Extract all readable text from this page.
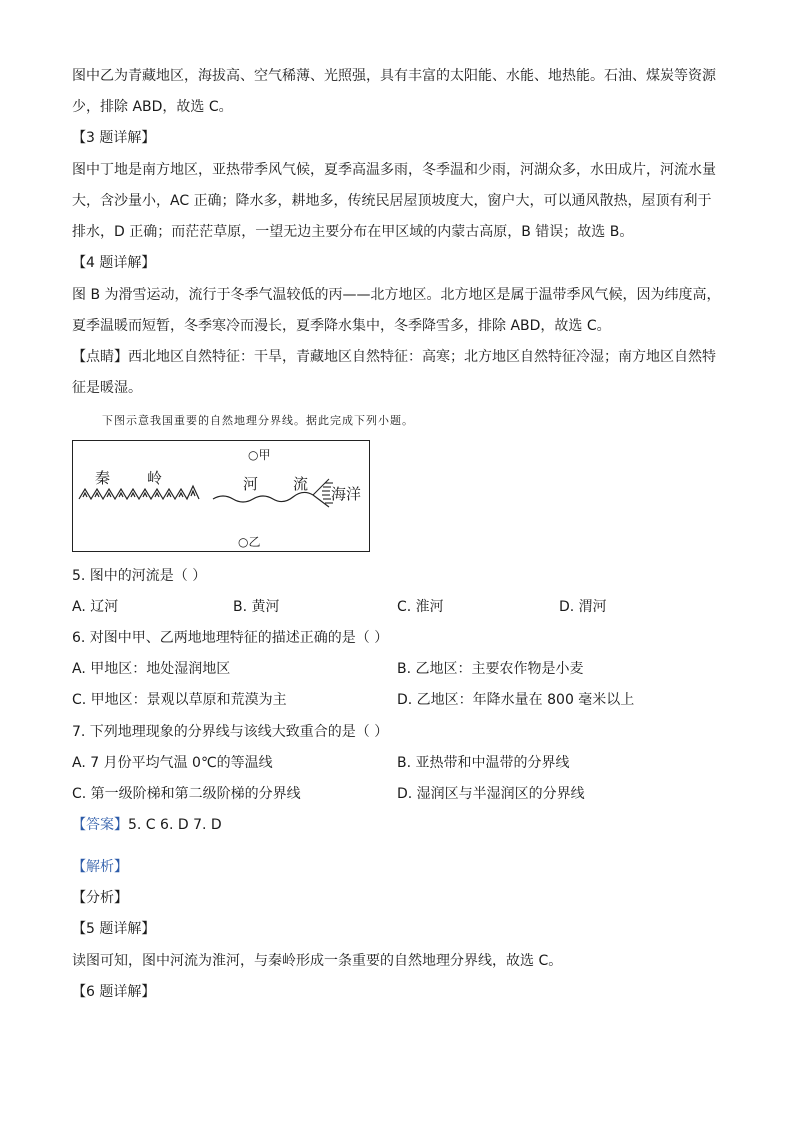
图中乙为青藏地区，海拔高、空气稀薄、光照强，具有丰富的太阳能、水能、地热能。石油、煤炭等资源
少，排除 ABD，故选 C。
【3 题详解】
图中丁地是南方地区，亚热带季风气候，夏季高温多雨，冬季温和少雨，河湖众多，水田成片，河流水量
大，含沙量小，AC 正确；降水多，耕地多，传统民居屋顶坡度大，窗户大，可以通风散热，屋顶有利于
排水，D 正确；而茫茫草原，一望无边主要分布在甲区域的内蒙古高原，B 错误；故选 B。
【4 题详解】
图 B 为滑雪运动，流行于冬季气温较低的丙——北方地区。北方地区是属于温带季风气候，因为纬度高，
夏季温暖而短暂，冬季寒冷而漫长，夏季降水集中，冬季降雪多，排除 ABD，故选 C。
【点睛】西北地区自然特征：干旱，青藏地区自然特征：高寒；北方地区自然特征冷湿；南方地区自然特
征是暖湿。
下图示意我国重要的自然地理分界线。据此完成下列小题。
秦 岭	河 流
海洋
○甲
○乙
5. 图中的河流是（ ）
A. 辽河	B. 黄河	C. 淮河	D. 渭河
6. 对图中甲、乙两地地理特征的描述正确的是（ ）
A. 甲地区：地处湿润地区	B. 乙地区：主要农作物是小麦
C. 甲地区：景观以草原和荒漠为主	D. 乙地区：年降水量在 800 毫米以上
7. 下列地理现象的分界线与该线大致重合的是（ ）
A. 7 月份平均气温 0℃的等温线	B. 亚热带和中温带的分界线
C. 第一级阶梯和第二级阶梯的分界线	D. 湿润区与半湿润区的分界线
【答案】5. C 6. D 7. D
【解析】
【分析】
【5 题详解】
读图可知，图中河流为淮河，与秦岭形成一条重要的自然地理分界线，故选 C。
【6 题详解】
